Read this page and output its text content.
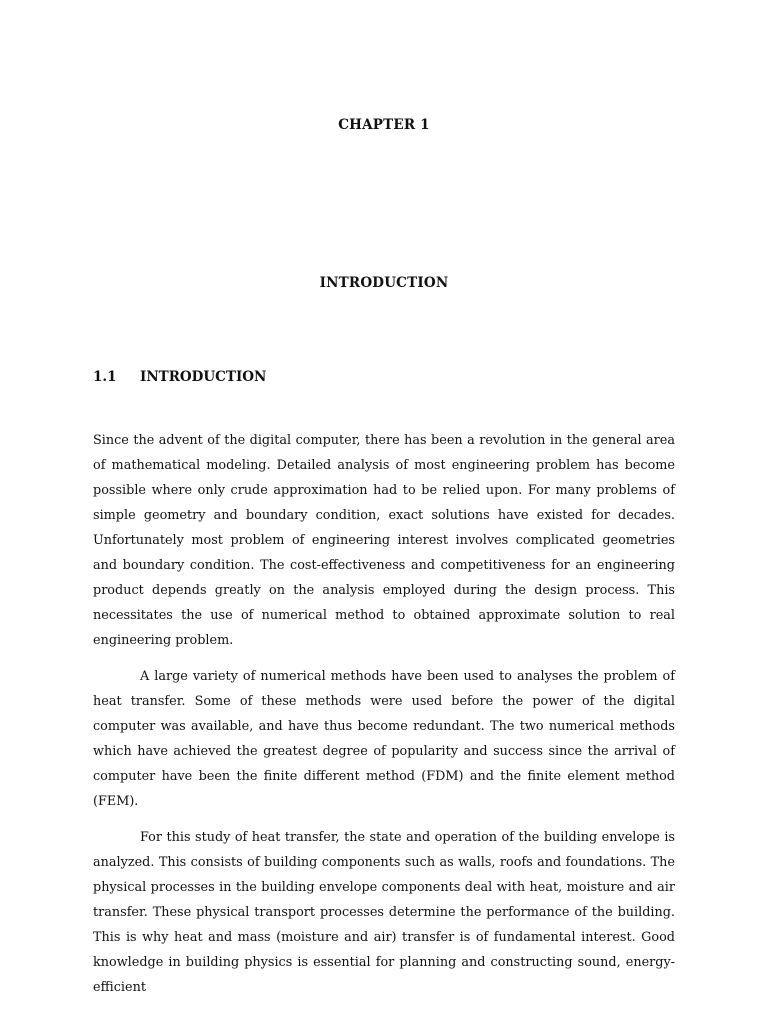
CHAPTER 1
INTRODUCTION
1.1	INTRODUCTION

Since the advent of the digital computer, there has been a revolution in the general area of mathematical modeling. Detailed analysis of most engineering problem has become possible where only crude approximation had to be relied upon. For many problems of simple geometry and boundary condition, exact solutions have existed for decades. Unfortunately most problem of engineering interest involves complicated geometries and boundary condition. The cost-effectiveness and competitiveness for an engineering product depends greatly on the analysis employed during the design process. This necessitates the use of numerical method to obtained approximate solution to real engineering problem.

A large variety of numerical methods have been used to analyses the problem of heat transfer. Some of these methods were used before the power of the digital computer was available, and have thus become redundant. The two numerical methods which have achieved the greatest degree of popularity and success since the arrival of computer have been the finite different method (FDM) and the finite element method (FEM).

For this study of heat transfer, the state and operation of the building envelope is analyzed. This consists of building components such as walls, roofs and foundations. The physical processes in the building envelope components deal with heat, moisture and air transfer. These physical transport processes determine the performance of the building. This is why heat and mass (moisture and air) transfer is of fundamental interest. Good knowledge in building physics is essential for planning and constructing sound, energy-efficient
